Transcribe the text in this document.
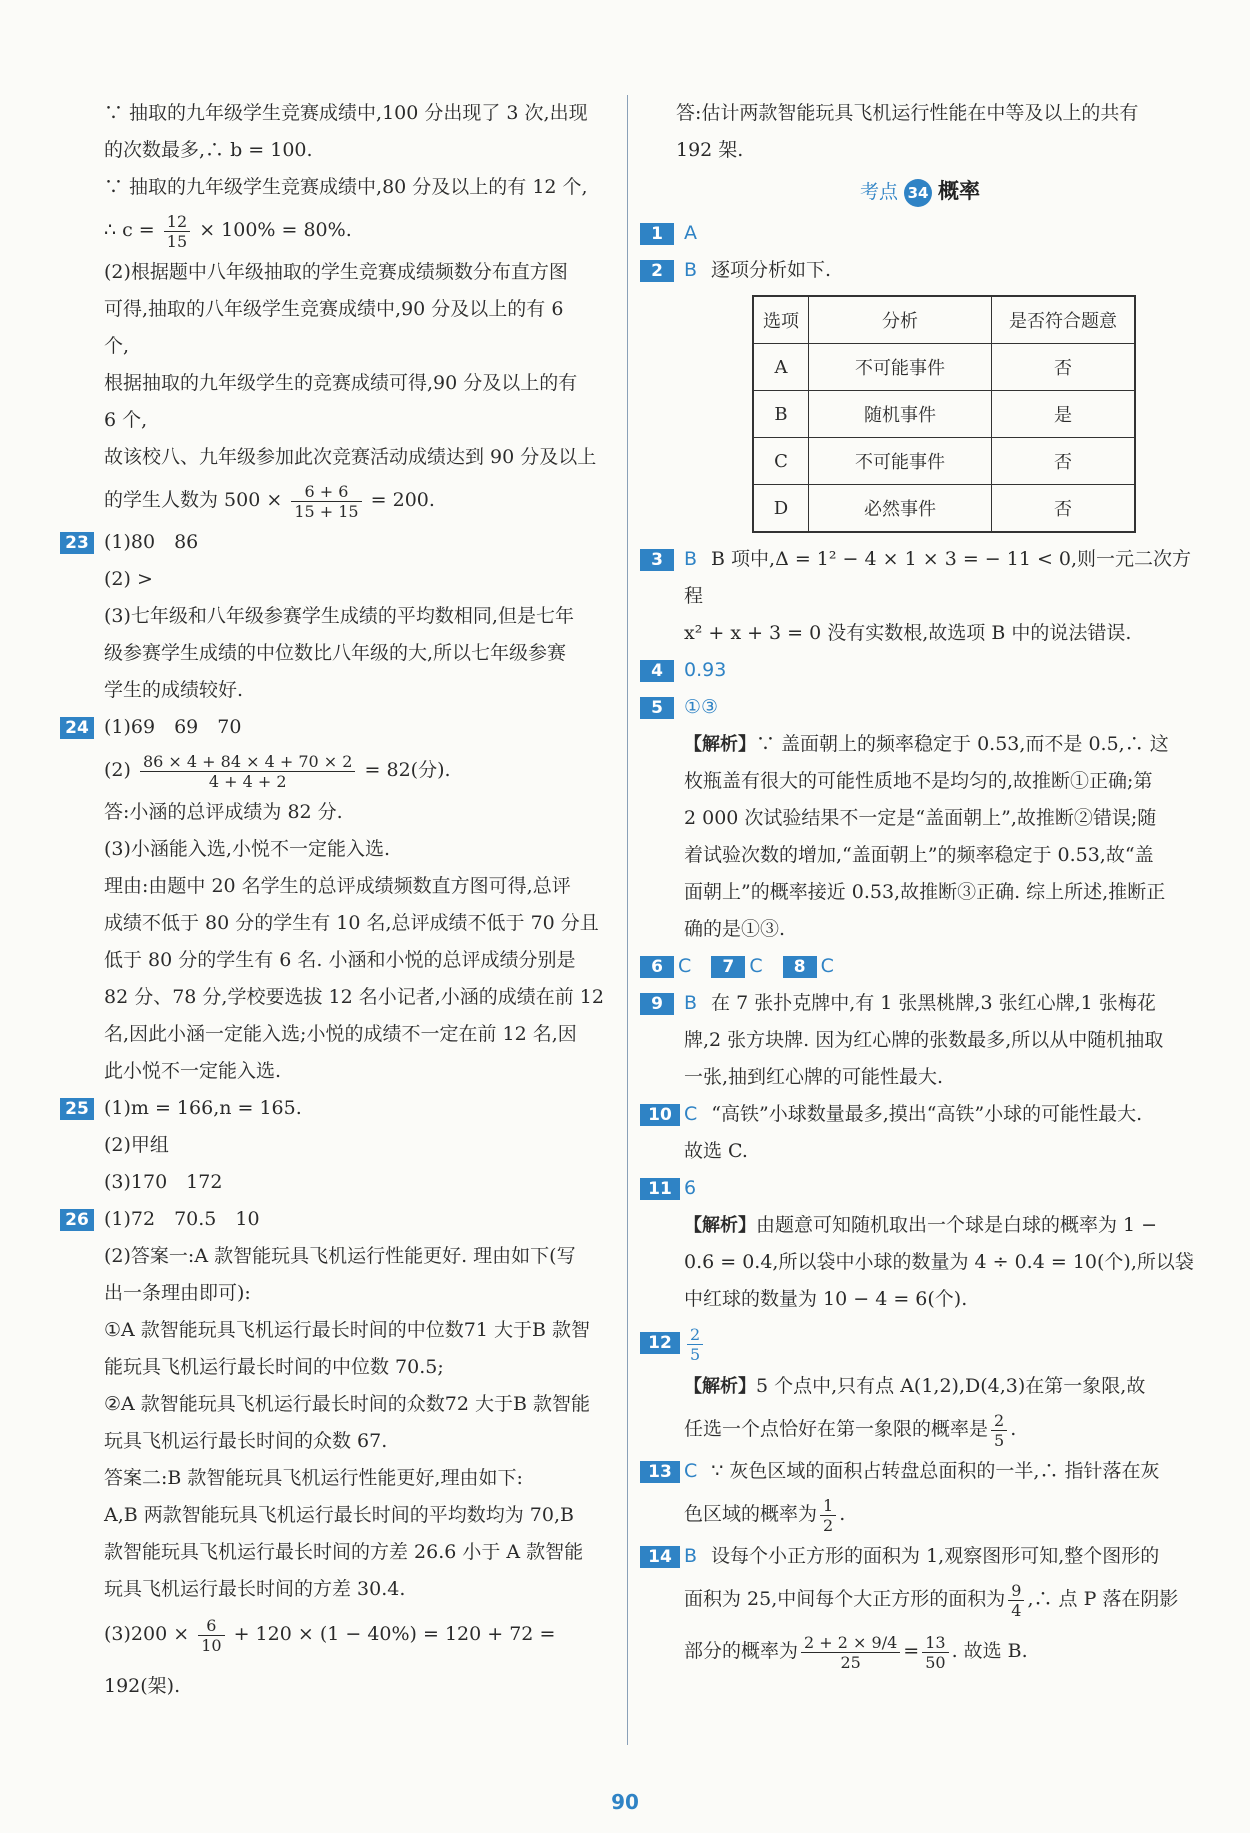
∵ 抽取的九年级学生竞赛成绩中,100 分出现了 3 次,出现

的次数最多,∴ b = 100.

∵ 抽取的九年级学生竞赛成绩中,80 分及以上的有 12 个,

∴ $c = \frac{12}{15} \times 100\% = 80\%$.

(2)根据题中八年级抽取的学生竞赛成绩频数分布直方图

可得,抽取的八年级学生竞赛成绩中,90 分及以上的有 6

个,

根据抽取的九年级学生的竞赛成绩可得,90 分及以上的有

6 个,

故该校八、九年级参加此次竞赛活动成绩达到 90 分及以上

的学生人数为 $500 \times \frac{6 + 6}{15 + 15} = 200$.

23 (1)80　86

(2) >

(3)七年级和八年级参赛学生成绩的平均数相同,但是七年

级参赛学生成绩的中位数比八年级的大,所以七年级参赛

学生的成绩较好.

24 (1)69　69　70

$(2) \frac{86 \times 4 + 84 \times 4 + 70 \times 2}{4 + 4 + 2} = 82$(分).

答:小涵的总评成绩为 82 分.

(3)小涵能入选,小悦不一定能入选.

理由:由题中 20 名学生的总评成绩频数直方图可得,总评

成绩不低于 80 分的学生有 10 名,总评成绩不低于 70 分且

低于 80 分的学生有 6 名. 小涵和小悦的总评成绩分别是

82 分、78 分,学校要选拔 12 名小记者,小涵的成绩在前 12

名,因此小涵一定能入选;小悦的成绩不一定在前 12 名,因

此小悦不一定能入选.

25 (1)m = 166,n = 165.

(2)甲组

(3)170　172

26 (1)72　70.5　10

(2)答案一:A 款智能玩具飞机运行性能更好. 理由如下(写

出一条理由即可):

①A 款智能玩具飞机运行最长时间的中位数71 大于B 款智

能玩具飞机运行最长时间的中位数 70.5;

②A 款智能玩具飞机运行最长时间的众数72 大于B 款智能

玩具飞机运行最长时间的众数 67.

答案二:B 款智能玩具飞机运行性能更好,理由如下:

A,B 两款智能玩具飞机运行最长时间的平均数均为 70,B

款智能玩具飞机运行最长时间的方差 26.6 小于 A 款智能

玩具飞机运行最长时间的方差 30.4.

$(3)200 \times \frac{6}{10} + 120 \times (1 - 40\%) = 120 + 72 = 192$(架).

答:估计两款智能玩具飞机运行性能在中等及以上的共有

192 架.

考点 34 概率
1	A

2	B 逐项分析如下.

选项	分析	是否符合题意
A	不可能事件	否
B	随机事件	是
C	不可能事件	否
D	必然事件	否
3	B B 项中,Δ = 1² − 4 × 1 × 3 = − 11 < 0,则一元二次方程

x² + x + 3 = 0 没有实数根,故选项 B 中的说法错误.

4	0.93

5	①③

【解析】∵ 盖面朝上的频率稳定于 0.53,而不是 0.5,∴ 这

枚瓶盖有很大的可能性质地不是均匀的,故推断①正确;第

2 000 次试验结果不一定是“盖面朝上”,故推断②错误;随

着试验次数的增加,“盖面朝上”的频率稳定于 0.53,故“盖

面朝上”的概率接近 0.53,故推断③正确. 综上所述,推断正

确的是①③.

6 C 7 C 8 C

9	B 在 7 张扑克牌中,有 1 张黑桃牌,3 张红心牌,1 张梅花

牌,2 张方块牌. 因为红心牌的张数最多,所以从中随机抽取

一张,抽到红心牌的可能性最大.

10 C “高铁”小球数量最多,摸出“高铁”小球的可能性最大.

故选 C.

11 6

【解析】由题意可知随机取出一个球是白球的概率为 1 −

0.6 = 0.4,所以袋中小球的数量为 4 ÷ 0.4 = 10(个),所以袋

中红球的数量为 10 − 4 = 6(个).

$12 \frac{2}{5}$

【解析】5 个点中,只有点 A(1,2),D(4,3)在第一象限,故

任选一个点恰好在第一象限的概率是 $\frac{2}{5}$ .

13 C ∵ 灰色区域的面积占转盘总面积的一半,∴ 指针落在灰

色区域的概率为 $\frac{1}{2}$ .

14 B 设每个小正方形的面积为 1,观察图形可知,整个图形的

面积为 25,中间每个大正方形的面积为 $\frac{9}{4}$ ,∴ 点 P 落在阴影

部分的概率为 $\frac{2 + 2 \times 9/4}{25} = \frac{13}{50}$ . 故选 B.

90
